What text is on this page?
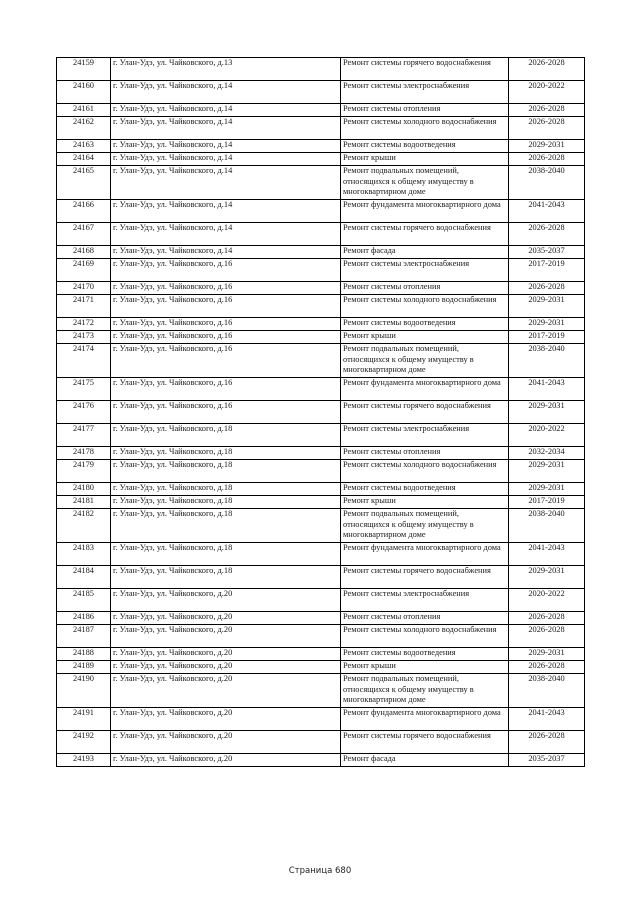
24159	г. Улан-Удэ, ул. Чайковского, д.13	Ремонт системы горячего водоснабжения	2026-2028
24160	г. Улан-Удэ, ул. Чайковского, д.14	Ремонт системы электроснабжения	2020-2022
24161	г. Улан-Удэ, ул. Чайковского, д.14	Ремонт системы отопления	2026-2028
24162	г. Улан-Удэ, ул. Чайковского, д.14	Ремонт системы холодного водоснабжения	2026-2028
24163	г. Улан-Удэ, ул. Чайковского, д.14	Ремонт системы водоотведения	2029-2031
24164	г. Улан-Удэ, ул. Чайковского, д.14	Ремонт крыши	2026-2028
24165	г. Улан-Удэ, ул. Чайковского, д.14	Ремонт подвальных помещений, относящихся к общему имуществу в многоквартирном доме	2038-2040
24166	г. Улан-Удэ, ул. Чайковского, д.14	Ремонт фундамента многоквартирного дома	2041-2043
24167	г. Улан-Удэ, ул. Чайковского, д.14	Ремонт системы горячего водоснабжения	2026-2028
24168	г. Улан-Удэ, ул. Чайковского, д.14	Ремонт фасада	2035-2037
24169	г. Улан-Удэ, ул. Чайковского, д.16	Ремонт системы электроснабжения	2017-2019
24170	г. Улан-Удэ, ул. Чайковского, д.16	Ремонт системы отопления	2026-2028
24171	г. Улан-Удэ, ул. Чайковского, д.16	Ремонт системы холодного водоснабжения	2029-2031
24172	г. Улан-Удэ, ул. Чайковского, д.16	Ремонт системы водоотведения	2029-2031
24173	г. Улан-Удэ, ул. Чайковского, д.16	Ремонт крыши	2017-2019
24174	г. Улан-Удэ, ул. Чайковского, д.16	Ремонт подвальных помещений, относящихся к общему имуществу в многоквартирном доме	2038-2040
24175	г. Улан-Удэ, ул. Чайковского, д.16	Ремонт фундамента многоквартирного дома	2041-2043
24176	г. Улан-Удэ, ул. Чайковского, д.16	Ремонт системы горячего водоснабжения	2029-2031
24177	г. Улан-Удэ, ул. Чайковского, д.18	Ремонт системы электроснабжения	2020-2022
24178	г. Улан-Удэ, ул. Чайковского, д.18	Ремонт системы отопления	2032-2034
24179	г. Улан-Удэ, ул. Чайковского, д.18	Ремонт системы холодного водоснабжения	2029-2031
24180	г. Улан-Удэ, ул. Чайковского, д.18	Ремонт системы водоотведения	2029-2031
24181	г. Улан-Удэ, ул. Чайковского, д.18	Ремонт крыши	2017-2019
24182	г. Улан-Удэ, ул. Чайковского, д.18	Ремонт подвальных помещений, относящихся к общему имуществу в многоквартирном доме	2038-2040
24183	г. Улан-Удэ, ул. Чайковского, д.18	Ремонт фундамента многоквартирного дома	2041-2043
24184	г. Улан-Удэ, ул. Чайковского, д.18	Ремонт системы горячего водоснабжения	2029-2031
24185	г. Улан-Удэ, ул. Чайковского, д.20	Ремонт системы электроснабжения	2020-2022
24186	г. Улан-Удэ, ул. Чайковского, д.20	Ремонт системы отопления	2026-2028
24187	г. Улан-Удэ, ул. Чайковского, д.20	Ремонт системы холодного водоснабжения	2026-2028
24188	г. Улан-Удэ, ул. Чайковского, д.20	Ремонт системы водоотведения	2029-2031
24189	г. Улан-Удэ, ул. Чайковского, д.20	Ремонт крыши	2026-2028
24190	г. Улан-Удэ, ул. Чайковского, д.20	Ремонт подвальных помещений, относящихся к общему имуществу в многоквартирном доме	2038-2040
24191	г. Улан-Удэ, ул. Чайковского, д.20	Ремонт фундамента многоквартирного дома	2041-2043
24192	г. Улан-Удэ, ул. Чайковского, д.20	Ремонт системы горячего водоснабжения	2026-2028
24193	г. Улан-Удэ, ул. Чайковского, д.20	Ремонт фасада	2035-2037
Страница 680
